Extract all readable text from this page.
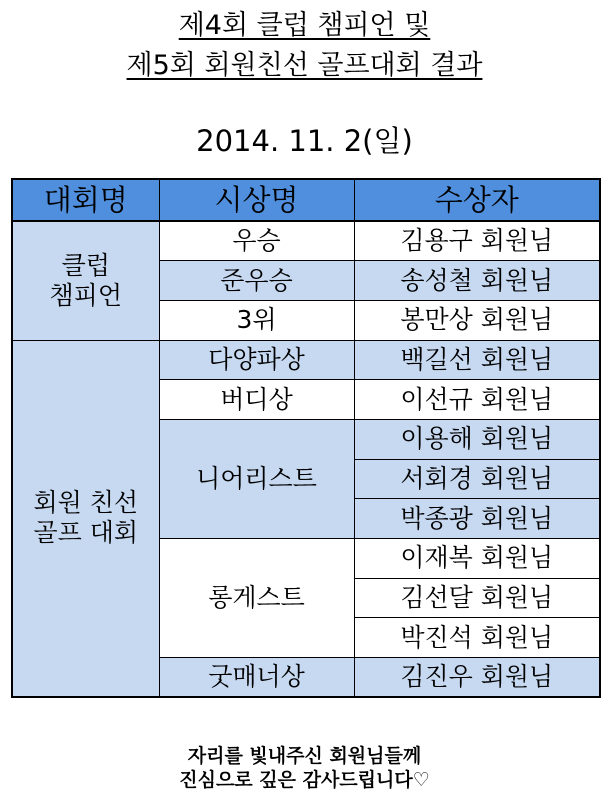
제4회 클럽 챔피언 및
제5회 회원친선 골프대회 결과
2014. 11. 2(일)
대회명	시상명	수상자

클럽
챔피언	우승	김용구 회원님
	준우승	송성철 회원님
	3위	봉만상 회원님

회원 친선
골프 대회	다양파상	백길선 회원님
	버디상	이선규 회원님
	니어리스트	이용해 회원님
		서회경 회원님
		박종광 회원님
	롱게스트	이재복 회원님
		김선달 회원님
		박진석 회원님
	굿매너상	김진우 회원님
자리를 빛내주신 회원님들께
진심으로 깊은 감사드립니다♡
